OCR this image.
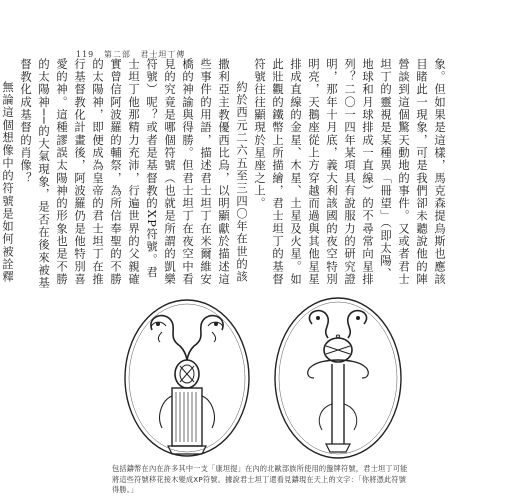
119 第二部 君士坦丁傳

象。但如果是這樣，馬克森提烏斯也應該目睹此一現象，可是我們卻未聽說他的陣營談到這個驚天動地的事件。又或者君士坦丁的靈視是某種異「冊望」（即太陽、地球和月球排成一直線）的不尋常向星排列？二〇一四年某項具有說服力的研究證明，那年十月底，義大利該國的夜空特別明亮，天鵝座從上方穿越而過與其他星星排成直線的金星、木星、土星及火星。如此壯觀的鐵幣上所描繪，君士坦丁的基督符號往往顯現於星座之上。

約於西元二六五至三四〇年在世的該撒利亞主教優西比烏，以明顯獻於描述這些事件的用語，描述君士坦丁在米爾維安橋的神諭與得勝。但君士坦丁在夜空中看見的究竟是哪個符號（也就是所謂的凱樂符號）呢？或者是基督教的XP符號。君士坦丁他那精力充沛，行遍世界的父親確實曾信阿波羅的輔祭，為所信奉聖的不勝的太陽神，即便成為皇帝的君士坦丁在推行基督教化計畫後，阿波羅仍是他特別喜愛的神。這種謬誤太陽神的形象也是不勝的太陽神──的大氣現象，是否在後來被基督教化成基督的肖像？

無論這個想像中的符號是如何被詮釋

包括鑄幣在內在許多其中一支「康坦提」在內的北歐部族所使用的盤牌符號，君士坦丁可能將這些符號移花接木變成XP符號。據說君士坦丁還看見鑄現在天上的文字：「你將憑此符號得勝。」
